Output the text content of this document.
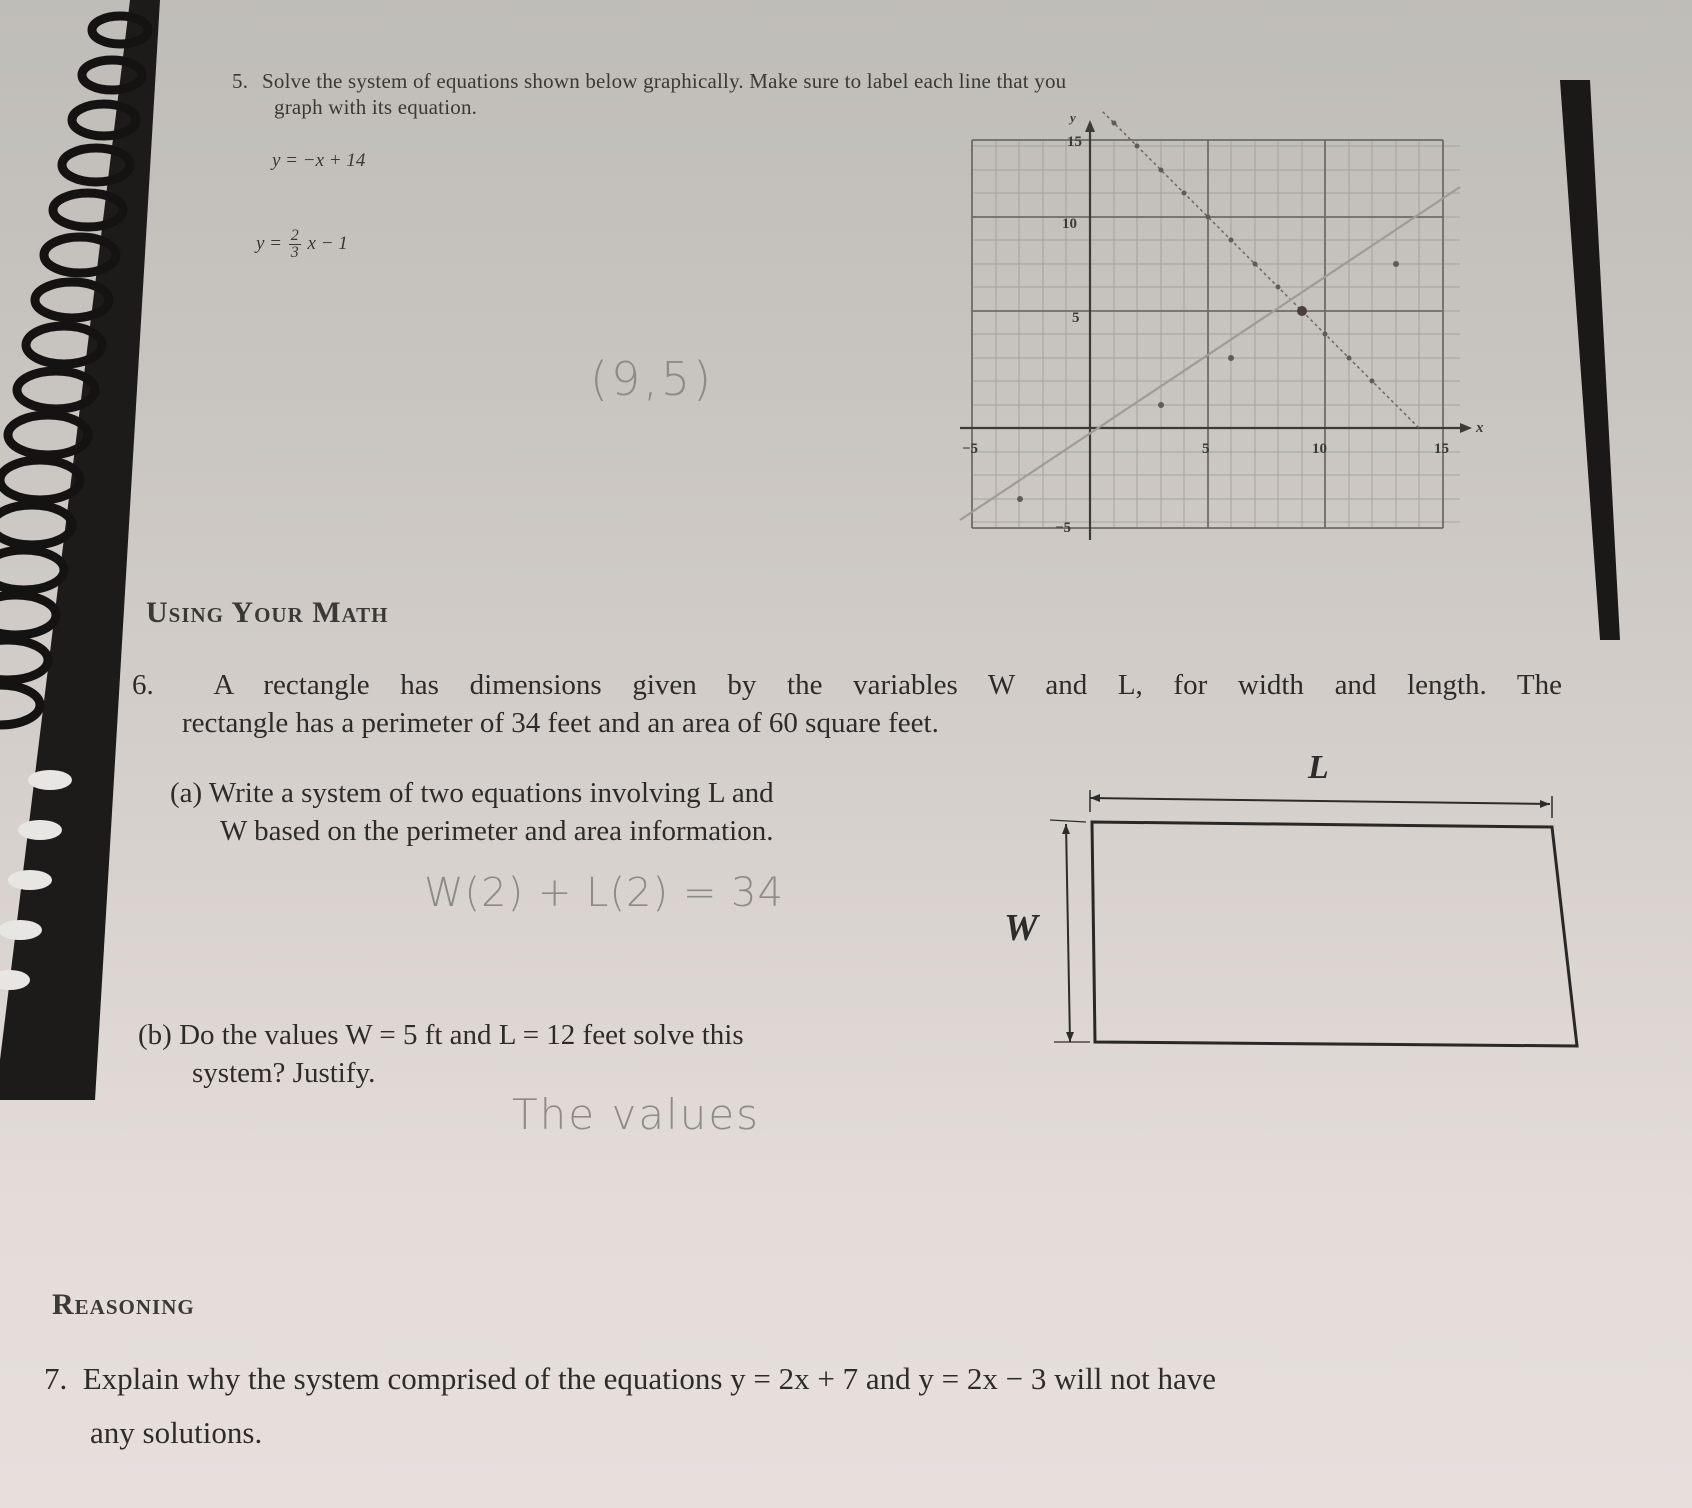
5. Solve the system of equations shown below graphically. Make sure to label each line that you
graph with its equation.
y = −x + 14
$y = \frac{2}{3}$ x − 1
(9,5)
−5	5	10	15
15
10
5
−5
x
y
Using Your Math
6. A rectangle has dimensions given by the variables W and L, for width and length. The
rectangle has a perimeter of 34 feet and an area of 60 square feet.
(a) Write a system of two equations involving L and
W based on the perimeter and area information.
W(2) + L(2) = 34
(b) Do the values W = 5 ft and L = 12 feet solve this
system? Justify.
The values
L
W
Reasoning
7. Explain why the system comprised of the equations y = 2x + 7 and y = 2x − 3 will not have
any solutions.
